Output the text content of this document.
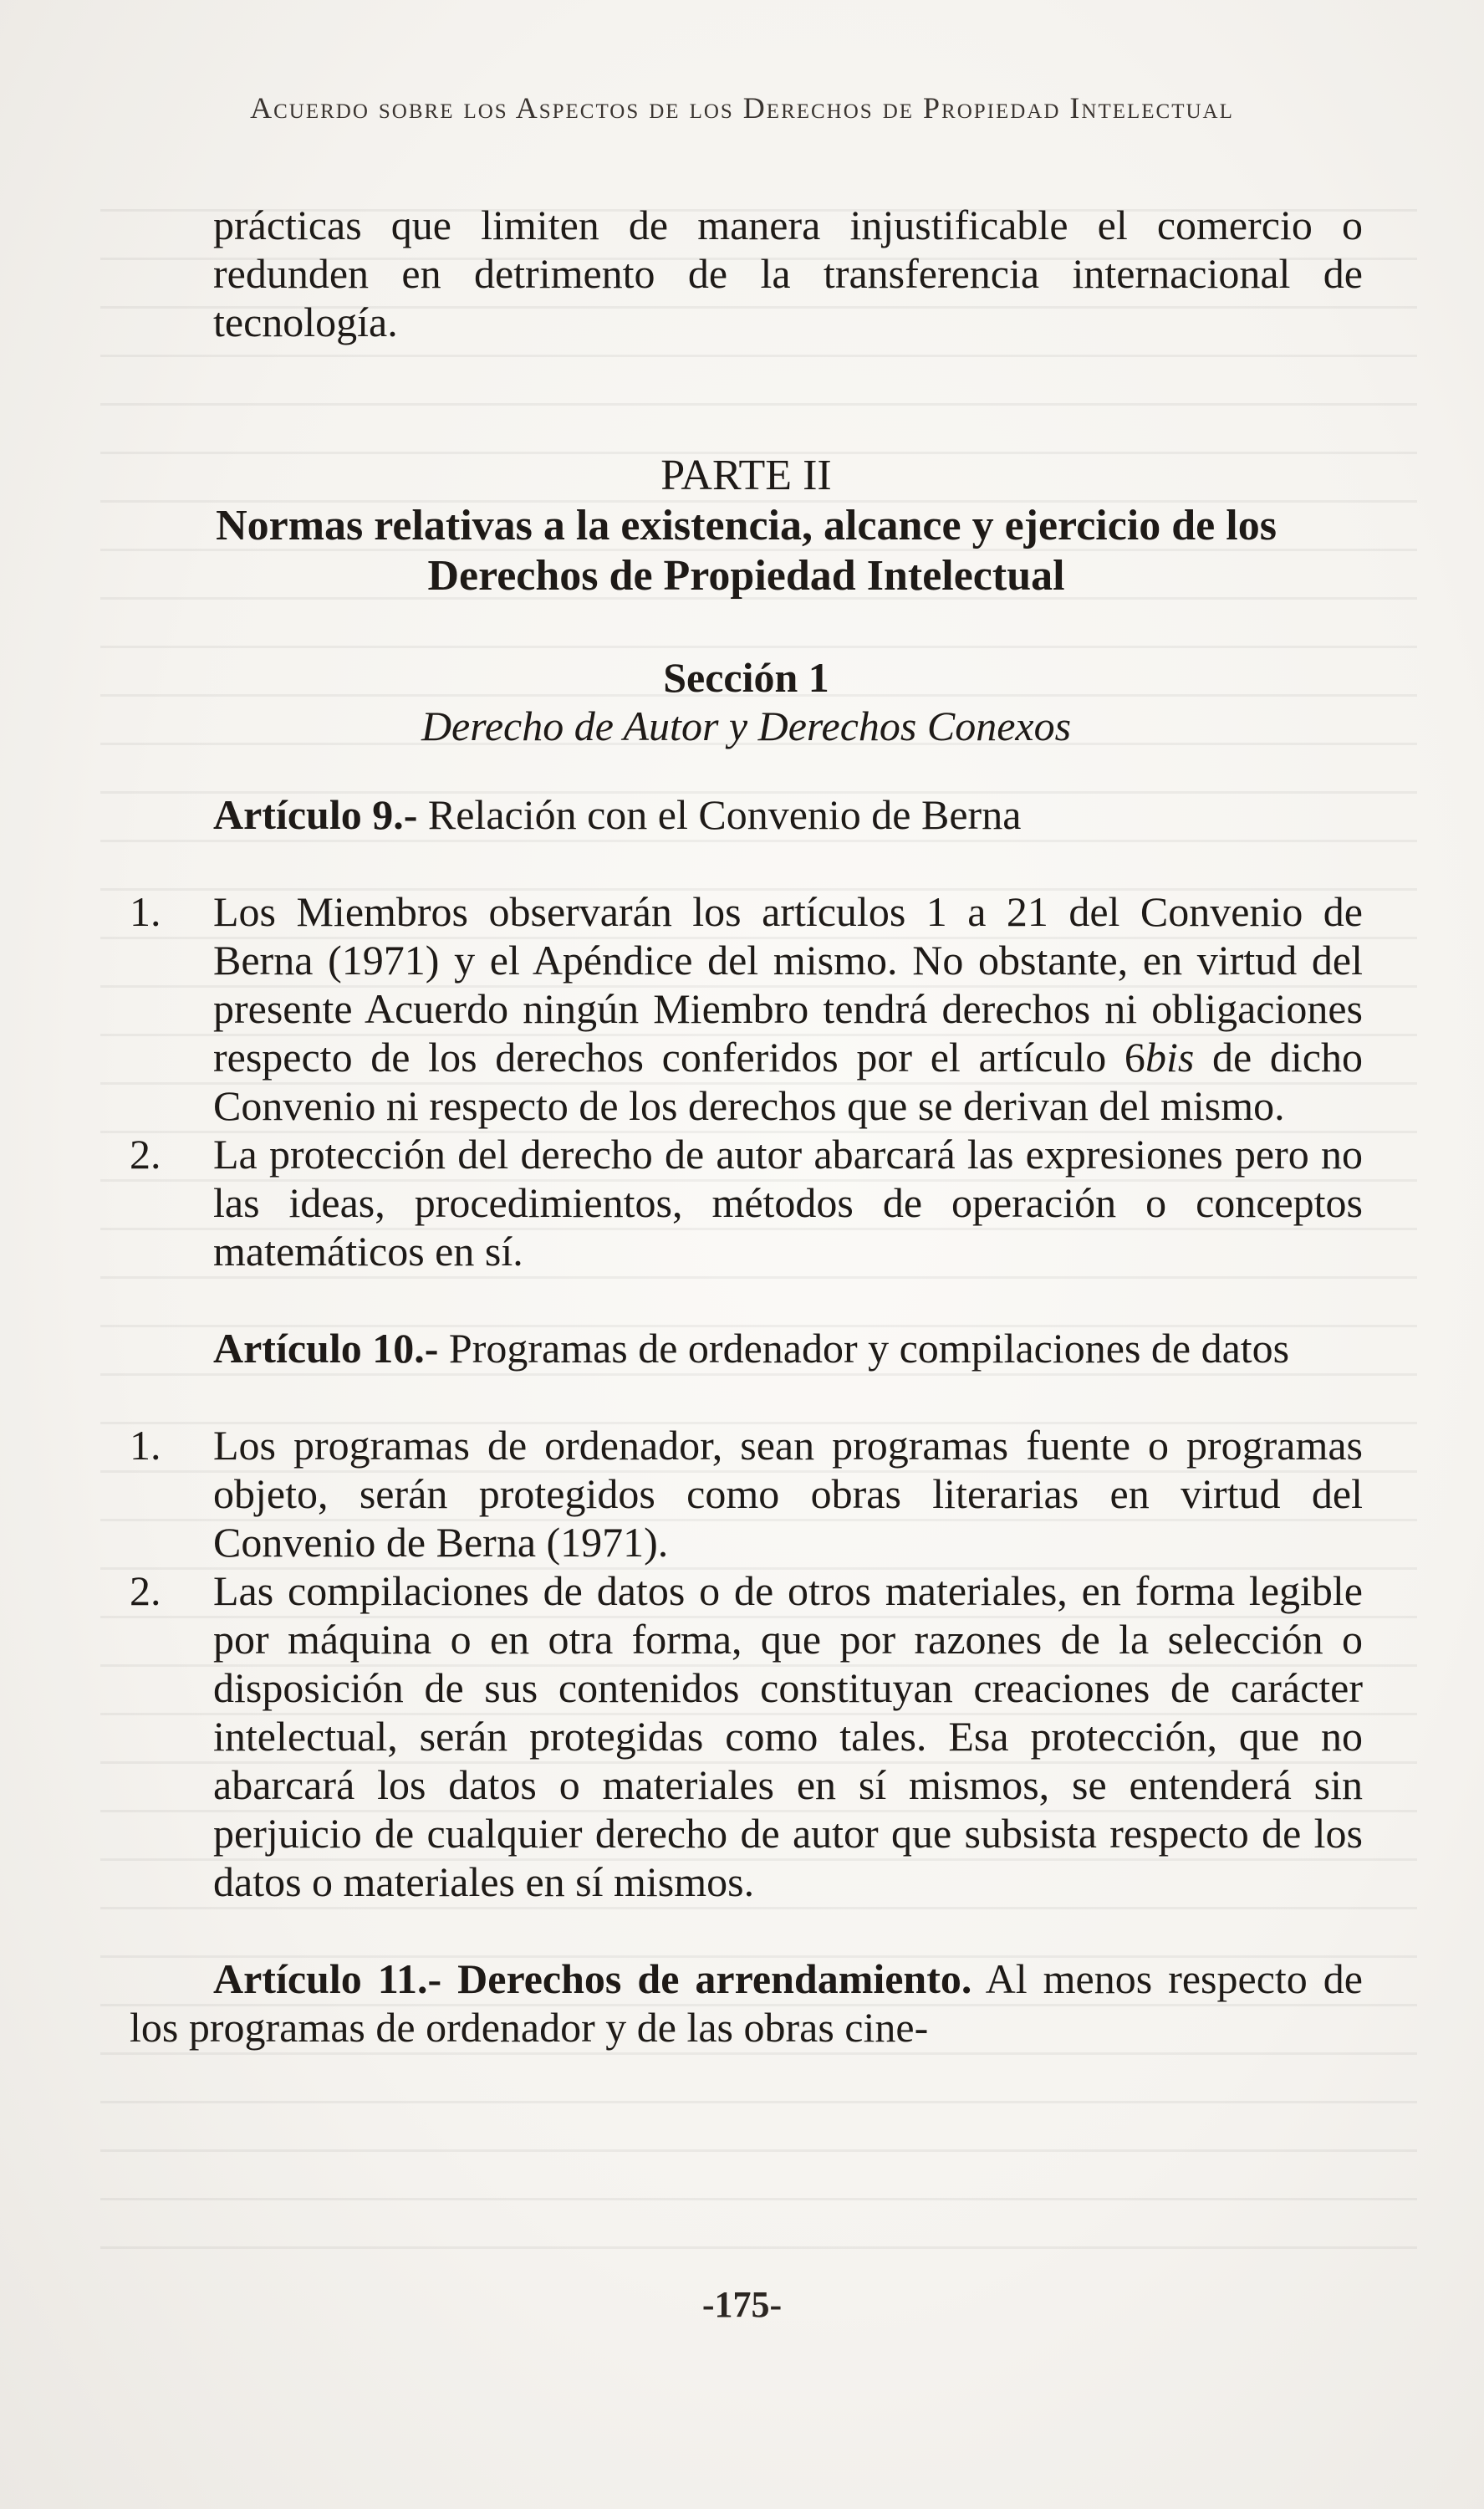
Acuerdo sobre los Aspectos de los Derechos de Propiedad Intelectual

prácticas que limiten de manera injustificable el comercio o redunden en detrimento de la transferencia internacional de tecnología.

PARTE II
Normas relativas a la existencia, alcance y ejercicio de los Derechos de Propiedad Intelectual
Sección 1
Derecho de Autor y Derechos Conexos
Artículo 9.- Relación con el Convenio de Berna
1.	Los Miembros observarán los artículos 1 a 21 del Convenio de Berna (1971) y el Apéndice del mismo. No obstante, en virtud del presente Acuerdo ningún Miembro tendrá derechos ni obligaciones respecto de los derechos conferidos por el artículo 6bis de dicho Convenio ni respecto de los derechos que se derivan del mismo.
2.	La protección del derecho de autor abarcará las expresiones pero no las ideas, procedimientos, métodos de operación o conceptos matemáticos en sí.
Artículo 10.- Programas de ordenador y compilaciones de datos
1.	Los programas de ordenador, sean programas fuente o programas objeto, serán protegidos como obras literarias en virtud del Convenio de Berna (1971).
2.	Las compilaciones de datos o de otros materiales, en forma legible por máquina o en otra forma, que por razones de la selección o disposición de sus contenidos constituyan creaciones de carácter intelectual, serán protegidas como tales. Esa protección, que no abarcará los datos o materiales en sí mismos, se entenderá sin perjuicio de cualquier derecho de autor que subsista respecto de los datos o materiales en sí mismos.
Artículo 11.- Derechos de arrendamiento. Al menos respecto de los programas de ordenador y de las obras cine-
-175-
